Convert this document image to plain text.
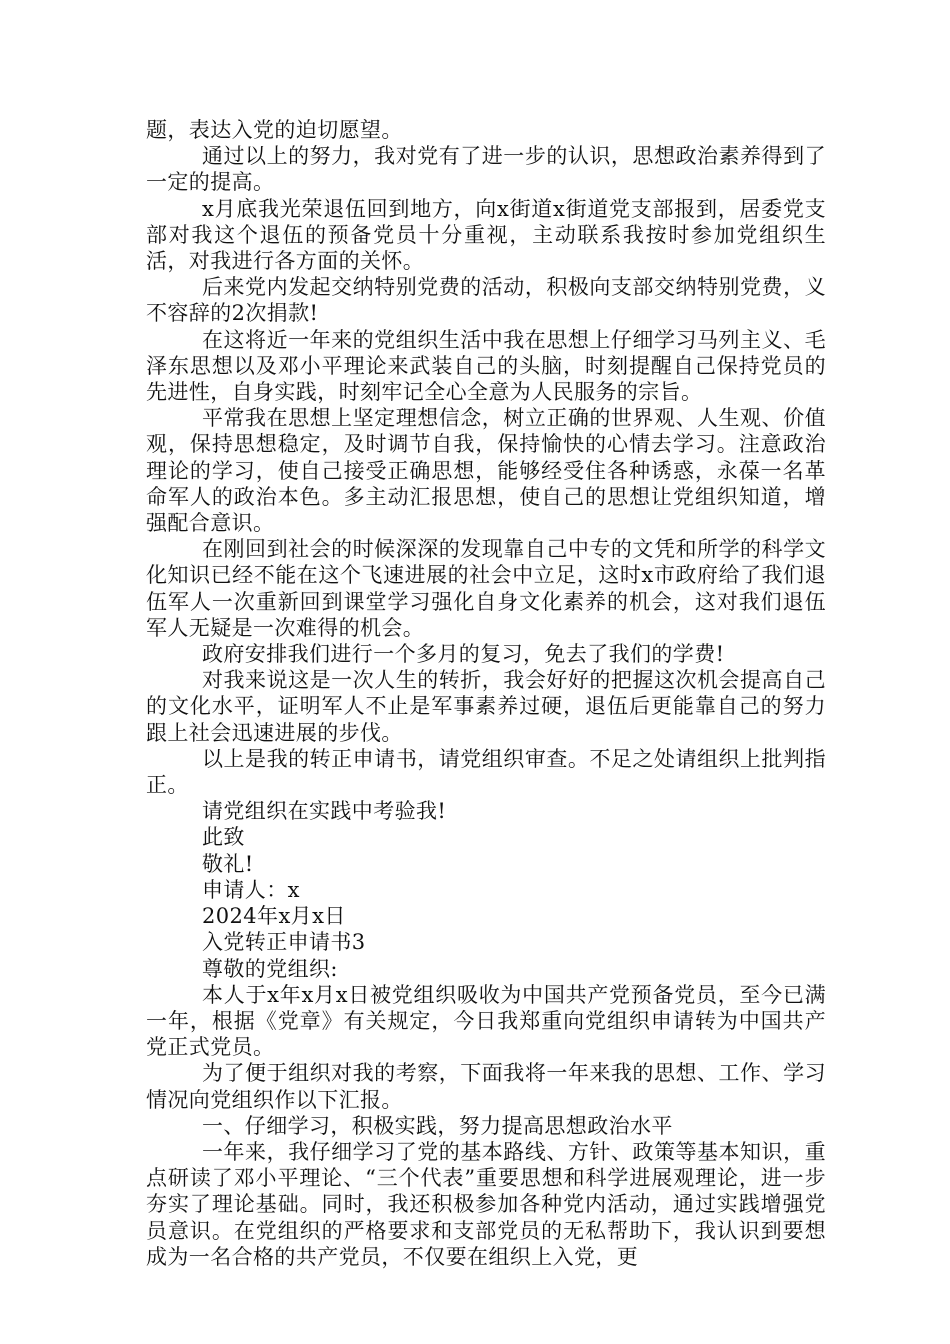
题，表达入党的迫切愿望。

通过以上的努力，我对党有了进一步的认识，思想政治素养得到了一定的提高。

x月底我光荣退伍回到地方，向x街道x街道党支部报到，居委党支部对我这个退伍的预备党员十分重视，主动联系我按时参加党组织生活，对我进行各方面的关怀。

后来党内发起交纳特别党费的活动，积极向支部交纳特别党费，义不容辞的2次捐款!

在这将近一年来的党组织生活中我在思想上仔细学习马列主义、毛泽东思想以及邓小平理论来武装自己的头脑，时刻提醒自己保持党员的先进性，自身实践，时刻牢记全心全意为人民服务的宗旨。

平常我在思想上坚定理想信念，树立正确的世界观、人生观、价值观，保持思想稳定，及时调节自我，保持愉快的心情去学习。注意政治理论的学习，使自己接受正确思想，能够经受住各种诱惑，永葆一名革命军人的政治本色。多主动汇报思想，使自己的思想让党组织知道，增强配合意识。

在刚回到社会的时候深深的发现靠自己中专的文凭和所学的科学文化知识已经不能在这个飞速进展的社会中立足，这时x市政府给了我们退伍军人一次重新回到课堂学习强化自身文化素养的机会，这对我们退伍军人无疑是一次难得的机会。

政府安排我们进行一个多月的复习，免去了我们的学费!

对我来说这是一次人生的转折，我会好好的把握这次机会提高自己的文化水平，证明军人不止是军事素养过硬，退伍后更能靠自己的努力跟上社会迅速进展的步伐。

以上是我的转正申请书，请党组织审查。不足之处请组织上批判指正。

请党组织在实践中考验我!

此致

敬礼!

申请人：x

2024年x月x日

入党转正申请书3

尊敬的党组织:

本人于x年x月x日被党组织吸收为中国共产党预备党员，至今已满一年，根据《党章》有关规定，今日我郑重向党组织申请转为中国共产党正式党员。

为了便于组织对我的考察，下面我将一年来我的思想、工作、学习情况向党组织作以下汇报。

一、仔细学习，积极实践，努力提高思想政治水平

一年来，我仔细学习了党的基本路线、方针、政策等基本知识，重点研读了邓小平理论、“三个代表”重要思想和科学进展观理论，进一步夯实了理论基础。同时，我还积极参加各种党内活动，通过实践增强党员意识。在党组织的严格要求和支部党员的无私帮助下，我认识到要想成为一名合格的共产党员，不仅要在组织上入党，更
